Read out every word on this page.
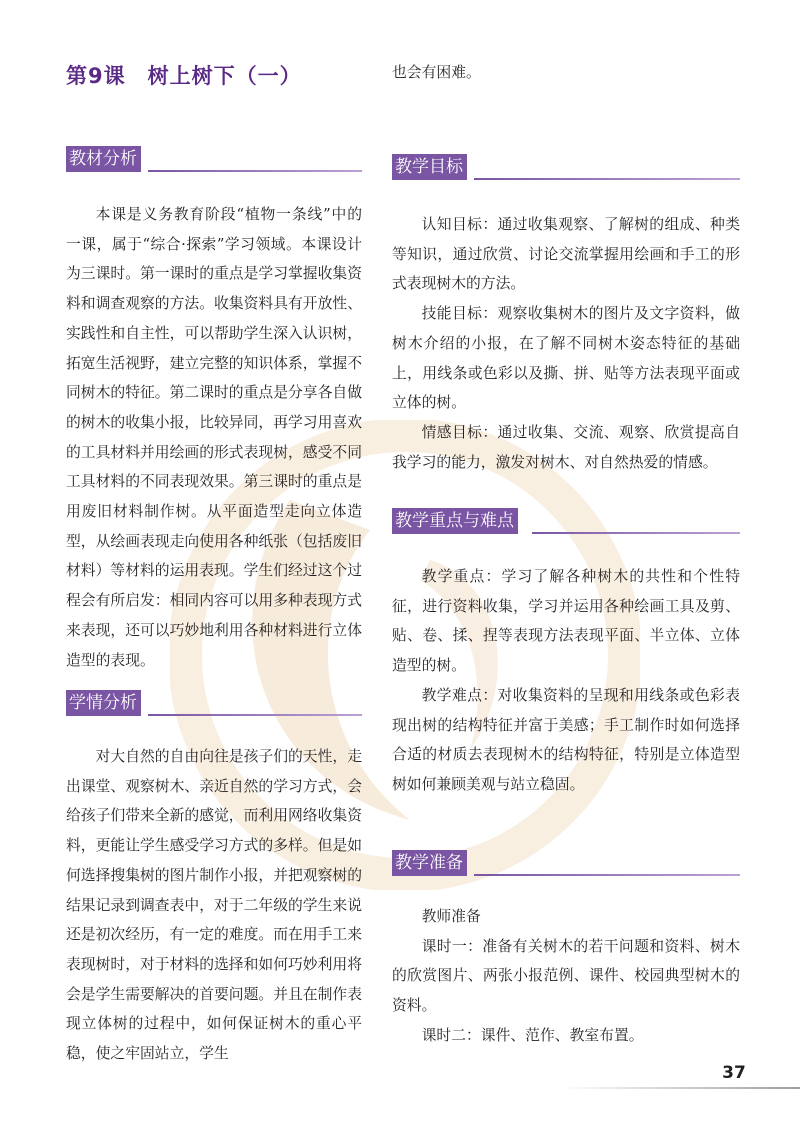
第9课　树上树下（一）
教材分析

本课是义务教育阶段“植物一条线”中的一课，属于“综合·探索”学习领域。本课设计为三课时。第一课时的重点是学习掌握收集资料和调查观察的方法。收集资料具有开放性、实践性和自主性，可以帮助学生深入认识树，拓宽生活视野，建立完整的知识体系，掌握不同树木的特征。第二课时的重点是分享各自做的树木的收集小报，比较异同，再学习用喜欢的工具材料并用绘画的形式表现树，感受不同工具材料的不同表现效果。第三课时的重点是用废旧材料制作树。从平面造型走向立体造型，从绘画表现走向使用各种纸张（包括废旧材料）等材料的运用表现。学生们经过这个过程会有所启发：相同内容可以用多种表现方式来表现，还可以巧妙地利用各种材料进行立体造型的表现。

学情分析

对大自然的自由向往是孩子们的天性，走出课堂、观察树木、亲近自然的学习方式，会给孩子们带来全新的感觉，而利用网络收集资料，更能让学生感受学习方式的多样。但是如何选择搜集树的图片制作小报，并把观察树的结果记录到调查表中，对于二年级的学生来说还是初次经历，有一定的难度。而在用手工来表现树时，对于材料的选择和如何巧妙利用将会是学生需要解决的首要问题。并且在制作表现立体树的过程中，如何保证树木的重心平稳，使之牢固站立，学生

也会有困难。

教学目标

认知目标：通过收集观察、了解树的组成、种类等知识，通过欣赏、讨论交流掌握用绘画和手工的形式表现树木的方法。

技能目标：观察收集树木的图片及文字资料，做树木介绍的小报，在了解不同树木姿态特征的基础上，用线条或色彩以及撕、拼、贴等方法表现平面或立体的树。

情感目标：通过收集、交流、观察、欣赏提高自我学习的能力，激发对树木、对自然热爱的情感。

教学重点与难点

教学重点：学习了解各种树木的共性和个性特征，进行资料收集，学习并运用各种绘画工具及剪、贴、卷、揉、捏等表现方法表现平面、半立体、立体造型的树。

教学难点：对收集资料的呈现和用线条或色彩表现出树的结构特征并富于美感；手工制作时如何选择合适的材质去表现树木的结构特征，特别是立体造型树如何兼顾美观与站立稳固。

教学准备

教师准备

课时一：准备有关树木的若干问题和资料、树木的欣赏图片、两张小报范例、课件、校园典型树木的资料。

课时二：课件、范作、教室布置。

37
